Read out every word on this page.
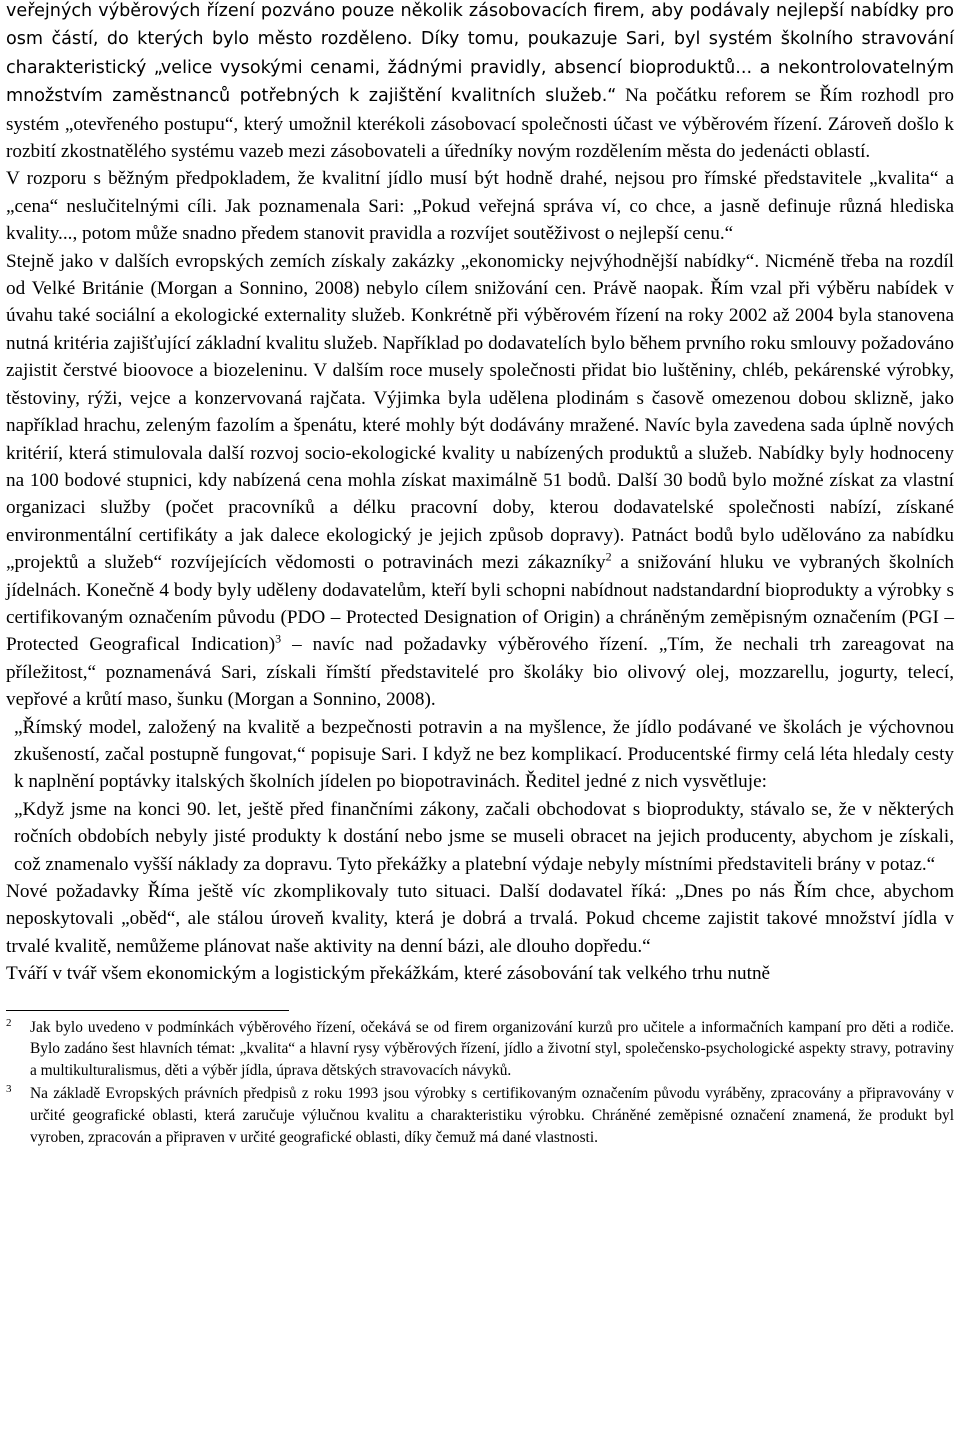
veřejných výběrových řízení pozváno pouze několik zásobovacích firem, aby podávaly nejlepší nabídky pro osm částí, do kterých bylo město rozděleno. Díky tomu, poukazuje Sari, byl systém školního stravování charakteristický „velice vysokými cenami, žádnými pravidly, absencí bioproduktů... a nekontrolovatelným množstvím zaměstnanců potřebných k zajištění kvalitních služeb.“ Na počátku reforem se Řím rozhodl pro systém „otevřeného postupu“, který umožnil kterékoli zásobovací společnosti účast ve výběrovém řízení. Zároveň došlo k rozbití zkostnatělého systému vazeb mezi zásobovateli a úředníky novým rozdělením města do jedenácti oblastí.

V rozporu s běžným předpokladem, že kvalitní jídlo musí být hodně drahé, nejsou pro římské představitele „kvalita“ a „cena“ neslučitelnými cíli. Jak poznamenala Sari: „Pokud veřejná správa ví, co chce, a jasně definuje různá hlediska kvality..., potom může snadno předem stanovit pravidla a rozvíjet soutěživost o nejlepší cenu.“

Stejně jako v dalších evropských zemích získaly zakázky „ekonomicky nejvýhodnější nabídky“. Nicméně třeba na rozdíl od Velké Británie (Morgan a Sonnino, 2008) nebylo cílem snižování cen. Právě naopak. Řím vzal při výběru nabídek v úvahu také sociální a ekologické externality služeb. Konkrétně při výběrovém řízení na roky 2002 až 2004 byla stanovena nutná kritéria zajišťující základní kvalitu služeb. Například po dodavatelích bylo během prvního roku smlouvy požadováno zajistit čerstvé bioovoce a biozeleninu. V dalším roce musely společnosti přidat bio luštěniny, chléb, pekárenské výrobky, těstoviny, rýži, vejce a konzervovaná rajčata. Výjimka byla udělena plodinám s časově omezenou dobou sklizně, jako například hrachu, zeleným fazolím a špenátu, které mohly být dodávány mražené. Navíc byla zavedena sada úplně nových kritérií, která stimulovala další rozvoj socio-ekologické kvality u nabízených produktů a služeb. Nabídky byly hodnoceny na 100 bodové stupnici, kdy nabízená cena mohla získat maximálně 51 bodů. Další 30 bodů bylo možné získat za vlastní organizaci služby (počet pracovníků a délku pracovní doby, kterou dodavatelské společnosti nabízí, získané environmentální certifikáty a jak dalece ekologický je jejich způsob dopravy). Patnáct bodů bylo udělováno za nabídku „projektů a služeb“ rozvíjejících vědomosti o potravinách mezi zákazníky$^2$ a snižování hluku ve vybraných školních jídelnách. Konečně 4 body byly uděleny dodavatelům, kteří byli schopni nabídnout nadstandardní bioprodukty a výrobky s certifikovaným označením původu (PDO – Protected Designation of Origin) a chráněným zeměpisným označením (PGI – Protected Geografical Indication)$^3$ – navíc nad požadavky výběrového řízení. „Tím, že nechali trh zareagovat na příležitost,“ poznamenává Sari, získali římští představitelé pro školáky bio olivový olej, mozzarellu, jogurty, telecí, vepřové a krůtí maso, šunku (Morgan a Sonnino, 2008).

„Římský model, založený na kvalitě a bezpečnosti potravin a na myšlence, že jídlo podávané ve školách je výchovnou zkušeností, začal postupně fungovat,“ popisuje Sari. I když ne bez komplikací. Producentské firmy celá léta hledaly cesty k naplnění poptávky italských školních jídelen po biopotravinách. Ředitel jedné z nich vysvětluje:

„Když jsme na konci 90. let, ještě před finančními zákony, začali obchodovat s bioprodukty, stávalo se, že v některých ročních obdobích nebyly jisté produkty k dostání nebo jsme se museli obracet na jejich producenty, abychom je získali, což znamenalo vyšší náklady za dopravu. Tyto překážky a platební výdaje nebyly místními představiteli brány v potaz.“

Nové požadavky Říma ještě víc zkomplikovaly tuto situaci. Další dodavatel říká: „Dnes po nás Řím chce, abychom neposkytovali „oběd“, ale stálou úroveň kvality, která je dobrá a trvalá. Pokud chceme zajistit takové množství jídla v trvalé kvalitě, nemůžeme plánovat naše aktivity na denní bázi, ale dlouho dopředu.“

Tváří v tvář všem ekonomickým a logistickým překážkám, které zásobování tak velkého trhu nutně

2 Jak bylo uvedeno v podmínkách výběrového řízení, očekává se od firem organizování kurzů pro učitele a informačních kampaní pro děti a rodiče. Bylo zadáno šest hlavních témat: „kvalita“ a hlavní rysy výběrových řízení, jídlo a životní styl, společensko-psychologické aspekty stravy, potraviny a multikulturalismus, děti a výběr jídla, úprava dětských stravovacích návyků.

3 Na základě Evropských právních předpisů z roku 1993 jsou výrobky s certifikovaným označením původu vyráběny, zpracovány a připravovány v určité geografické oblasti, která zaručuje výlučnou kvalitu a charakteristiku výrobku. Chráněné zeměpisné označení znamená, že produkt byl vyroben, zpracován a připraven v určité geografické oblasti, díky čemuž má dané vlastnosti.
